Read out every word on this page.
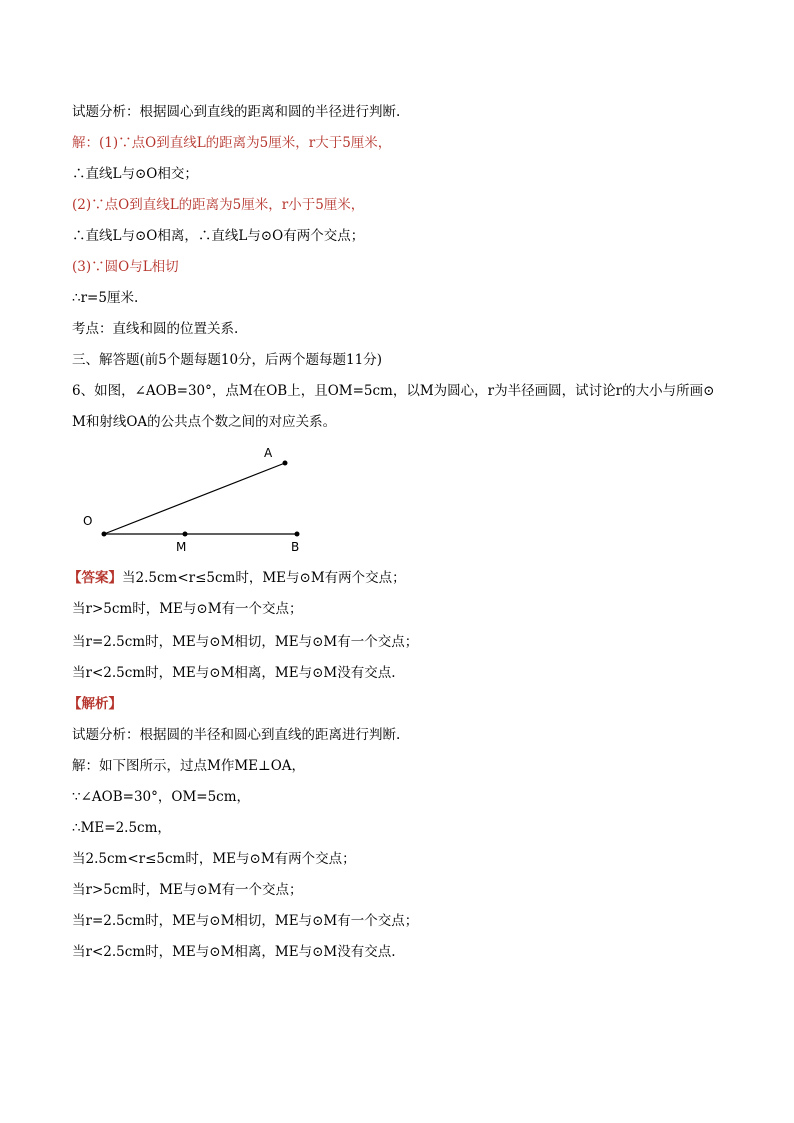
试题分析：根据圆心到直线的距离和圆的半径进行判断.
解：(1)∵点O到直线L的距离为5厘米，r大于5厘米，
∴直线L与⊙O相交；
(2)∵点O到直线L的距离为5厘米，r小于5厘米，
∴直线L与⊙O相离，∴直线L与⊙O有两个交点；
(3)∵圆O与L相切
∴r=5厘米.
考点：直线和圆的位置关系.
三、解答题(前5个题每题10分，后两个题每题11分)
6、如图，∠AOB=30°，点M在OB上，且OM=5cm，以M为圆心，r为半径画圆，试讨论r的大小与所画⊙
M和射线OA的公共点个数之间的对应关系。
A
O
M	B
【答案】当2.5cm<r≤5cm时，ME与⊙M有两个交点；
当r>5cm时，ME与⊙M有一个交点；
当r=2.5cm时，ME与⊙M相切，ME与⊙M有一个交点；
当r<2.5cm时，ME与⊙M相离，ME与⊙M没有交点.
【解析】
试题分析：根据圆的半径和圆心到直线的距离进行判断.
解：如下图所示，过点M作ME⊥OA，
∵∠AOB=30°，OM=5cm，
∴ME=2.5cm，
当2.5cm<r≤5cm时，ME与⊙M有两个交点；
当r>5cm时，ME与⊙M有一个交点；
当r=2.5cm时，ME与⊙M相切，ME与⊙M有一个交点；
当r<2.5cm时，ME与⊙M相离，ME与⊙M没有交点.
